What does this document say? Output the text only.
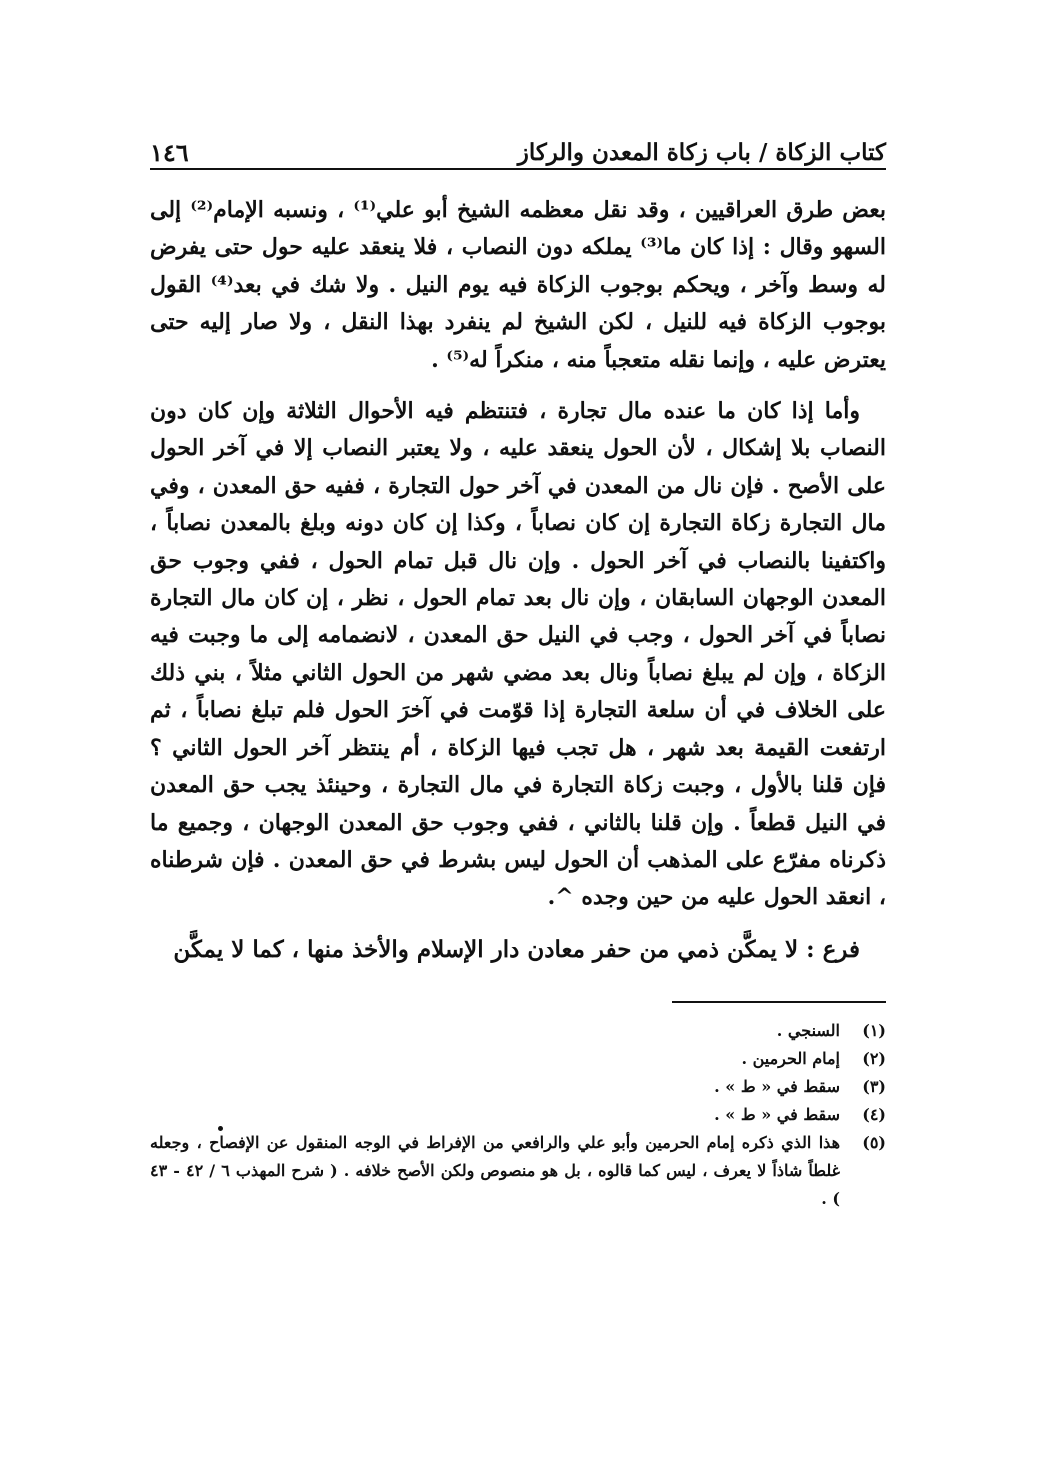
كتاب الزكاة / باب زكاة المعدن والركاز
١٤٦

بعض طرق العراقيين ، وقد نقل معظمه الشيخ أبو علي⁽¹⁾ ، ونسبه الإمام⁽²⁾ إلى السهو وقال : إذا كان ما⁽³⁾ يملكه دون النصاب ، فلا ينعقد عليه حول حتى يفرض له وسط وآخر ، ويحكم بوجوب الزكاة فيه يوم النيل . ولا شك في بعد⁽⁴⁾ القول بوجوب الزكاة فيه للنيل ، لكن الشيخ لم ينفرد بهذا النقل ، ولا صار إليه حتى يعترض عليه ، وإنما نقله متعجباً منه ، منكراً له⁽⁵⁾ .

وأما إذا كان ما عنده مال تجارة ، فتنتظم فيه الأحوال الثلاثة وإن كان دون النصاب بلا إشكال ، لأن الحول ينعقد عليه ، ولا يعتبر النصاب إلا في آخر الحول على الأصح . فإن نال من المعدن في آخر حول التجارة ، ففيه حق المعدن ، وفي مال التجارة زكاة التجارة إن كان نصاباً ، وكذا إن كان دونه وبلغ بالمعدن نصاباً ، واكتفينا بالنصاب في آخر الحول . وإن نال قبل تمام الحول ، ففي وجوب حق المعدن الوجهان السابقان ، وإن نال بعد تمام الحول ، نظر ، إن كان مال التجارة نصاباً في آخر الحول ، وجب في النيل حق المعدن ، لانضمامه إلى ما وجبت فيه الزكاة ، وإن لم يبلغ نصاباً ونال بعد مضي شهر من الحول الثاني مثلاً ، بني ذلك على الخلاف في أن سلعة التجارة إذا قوّمت في آخرَ الحول فلم تبلغ نصاباً ، ثم ارتفعت القيمة بعد شهر ، هل تجب فيها الزكاة ، أم ينتظر آخر الحول الثاني ؟ فإن قلنا بالأول ، وجبت زكاة التجارة في مال التجارة ، وحينئذ يجب حق المعدن في النيل قطعاً . وإن قلنا بالثاني ، ففي وجوب حق المعدن الوجهان ، وجميع ما ذكرناه مفرّع على المذهب أن الحول ليس بشرط في حق المعدن . فإن شرطناه ، انعقد الحول عليه من حين وجده ^.

فرع : لا يمكَّن ذمي من حفر معادن دار الإسلام والأخذ منها ، كما لا يمكَّن

(١)
السنجي .
(٢)
إمام الحرمين .
(٣)
سقط في « ط » .
(٤)
سقط في « ط » .
(٥)
هذا الذي ذكره إمام الحرمين وأبو علي والرافعي من الإفراط في الوجه المنقول عن الإفصاح ، وجعله غلطاً شاذاً لا يعرف ، ليس كما قالوه ، بل هو منصوص ولكن الأصح خلافه . ( شرح المهذب ٦ / ٤٢ - ٤٣ ) .
